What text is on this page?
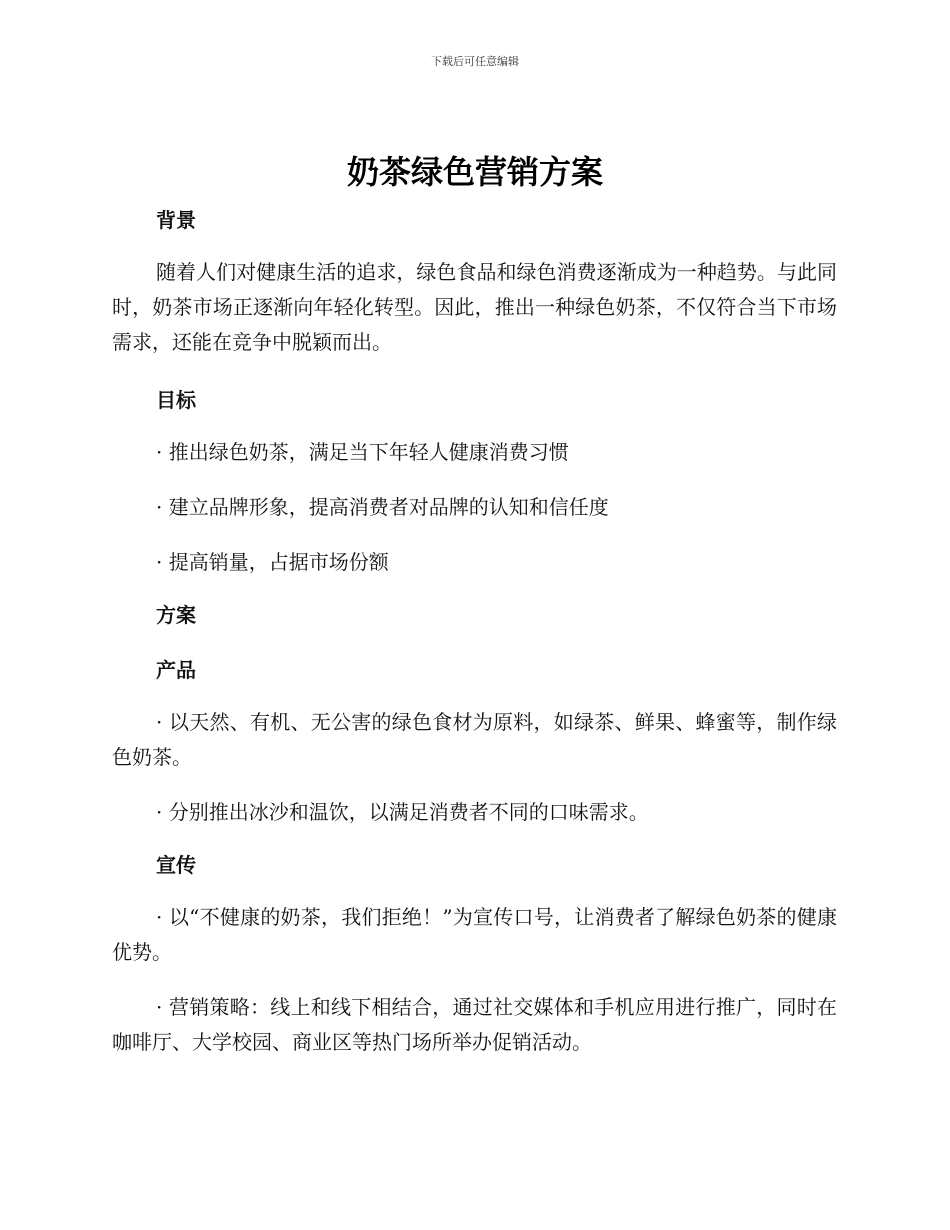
下载后可任意编辑
奶茶绿色营销方案

背景

随着人们对健康生活的追求，绿色食品和绿色消费逐渐成为一种趋势。与此同时，奶茶市场正逐渐向年轻化转型。因此，推出一种绿色奶茶，不仅符合当下市场需求，还能在竞争中脱颖而出。

目标

· 推出绿色奶茶，满足当下年轻人健康消费习惯

· 建立品牌形象，提高消费者对品牌的认知和信任度

· 提高销量，占据市场份额

方案

产品

· 以天然、有机、无公害的绿色食材为原料，如绿茶、鲜果、蜂蜜等，制作绿色奶茶。

· 分别推出冰沙和温饮，以满足消费者不同的口味需求。

宣传

· 以“不健康的奶茶，我们拒绝！”为宣传口号，让消费者了解绿色奶茶的健康优势。

· 营销策略：线上和线下相结合，通过社交媒体和手机应用进行推广，同时在咖啡厅、大学校园、商业区等热门场所举办促销活动。
